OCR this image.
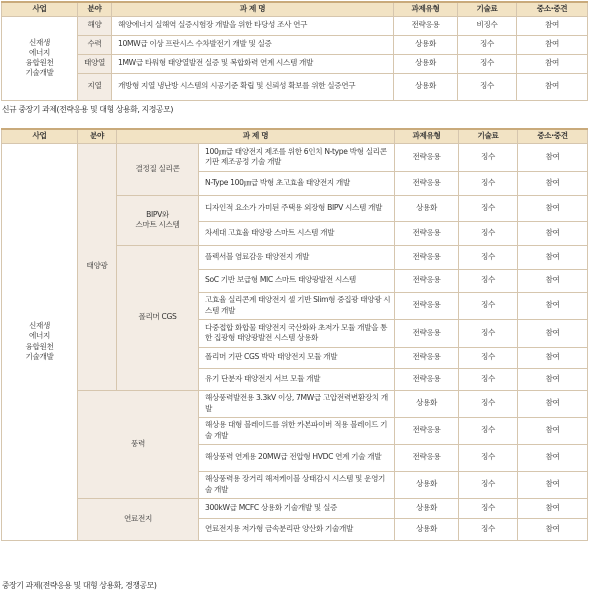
사업	분야	과 제 명	과제유형	기술료	중소·중견
신재생
에너지
융합원천
기술개발	해양	해양에너지 실해역 실증시험장 개발을 위한 타당성 조사 연구	전략응용	비징수	참여
	수력	10MW급 이상 프란시스 수차발전기 개발 및 실증	상용화	징수	참여
	태양열	1MW급 타워형 태양열발전 실증 및 복합화력 연계 시스템 개발	상용화	징수	참여
	지열	개방형 지열 냉난방 시스템의 시공기준 확립 및 신뢰성 확보를 위한 실증연구	상용화	징수	참여
신규 중장기 과제(전략응용 및 대형 상용화, 지정공모)
사업	분야	과 제 명		과제유형	기술료	중소·중견
신재생
에너지
융합원천
기술개발	태양광	결정질 실리콘	100㎛급 태양전지 제조를 위한 6인치 N-type 박형 실리콘 기판 제조공정 기술 개발	전략응용	징수	참여
			N-Type 100㎛급 박형 초고효율 태양전지 개발	전략응용	징수	참여
		BIPV와
스마트 시스템	디자인적 요소가 가미된 주택용 외장형 BIPV 시스템 개발	상용화	징수	참여
			차세대 고효율 태양광 스마트 시스템 개발	전략응용	징수	참여
		폴리머 CGS	플렉서블 염료감응 태양전지 개발	전략응용	징수	참여
			SoC 기반 보급형 MIC 스마트 태양광발전 시스템	전략응용	징수	참여
			고효율 실리콘계 태양전지 셀 기반 Slim형 중집광 태양광 시스템 개발	전략응용	징수	참여
			다중접합 화합물 태양전지 국산화와 초저가 모듈 개발을 통한 집광형 태양광발전 시스템 상용화	전략응용	징수	참여
			폴리머 기판 CGS 박막 태양전지 모듈 개발	전략응용	징수	참여
			유기 단분자 태양전지 서브 모듈 개발	전략응용	징수	참여
	풍력		해상풍력발전용 3.3kV 이상, 7MW급 고압전력변환장치 개발	상용화	징수	참여
			해상용 대형 블레이드를 위한 카본파이버 적용 블레이드 기술 개발	전략응용	징수	참여
			해상풍력 연계용 20MW급 전압형 HVDC 연계 기술 개발	전략응용	징수	참여
			해상풍력용 장거리 해저케이블 상태감시 시스템 및 운영기술 개발	상용화	징수	참여
	연료전지		300kW급 MCFC 상용화 기술개발 및 실증	상용화	징수	참여
			연료전지용 저가형 금속분리판 양산화 기술개발	상용화	징수	참여
중장기 과제(전략응용 및 대형 상용화, 경쟁공모)
